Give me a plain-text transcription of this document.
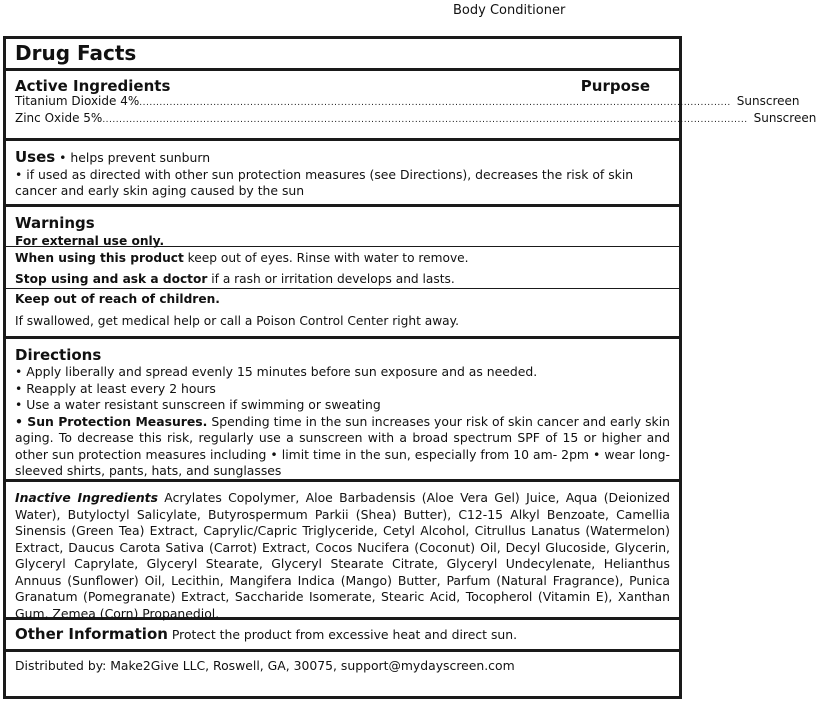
Body Conditioner
Drug Facts
Active Ingredients	Purpose
Titanium Dioxide 4% ................................................................................................................................................................................ Sunscreen
Zinc Oxide 5% ................................................................................................................................................................................................ Sunscreen
Uses • helps prevent sunburn
• if used as directed with other sun protection measures (see Directions), decreases the risk of skin cancer and early skin aging caused by the sun
Warnings
For external use only.
When using this product keep out of eyes. Rinse with water to remove.
Stop using and ask a doctor if a rash or irritation develops and lasts.
Keep out of reach of children.
If swallowed, get medical help or call a Poison Control Center right away.
Directions
• Apply liberally and spread evenly 15 minutes before sun exposure and as needed.
• Reapply at least every 2 hours
• Use a water resistant sunscreen if swimming or sweating
• Sun Protection Measures. Spending time in the sun increases your risk of skin cancer and early skin aging. To decrease this risk, regularly use a sunscreen with a broad spectrum SPF of 15 or higher and other sun protection measures including • limit time in the sun, especially from 10 am- 2pm • wear long-sleeved shirts, pants, hats, and sunglasses
Inactive Ingredients Acrylates Copolymer, Aloe Barbadensis (Aloe Vera Gel) Juice, Aqua (Deionized Water), Butyloctyl Salicylate, Butyrospermum Parkii (Shea) Butter), C12-15 Alkyl Benzoate, Camellia Sinensis (Green Tea) Extract, Caprylic/Capric Triglyceride, Cetyl Alcohol, Citrullus Lanatus (Watermelon) Extract, Daucus Carota Sativa (Carrot) Extract, Cocos Nucifera (Coconut) Oil, Decyl Glucoside, Glycerin, Glyceryl Caprylate, Glyceryl Stearate, Glyceryl Stearate Citrate, Glyceryl Undecylenate, Helianthus Annuus (Sunflower) Oil, Lecithin, Mangifera Indica (Mango) Butter, Parfum (Natural Fragrance), Punica Granatum (Pomegranate) Extract, Saccharide Isomerate, Stearic Acid, Tocopherol (Vitamin E), Xanthan Gum, Zemea (Corn) Propanediol.
Other Information Protect the product from excessive heat and direct sun.
Distributed by: Make2Give LLC, Roswell, GA, 30075, support@mydayscreen.com
